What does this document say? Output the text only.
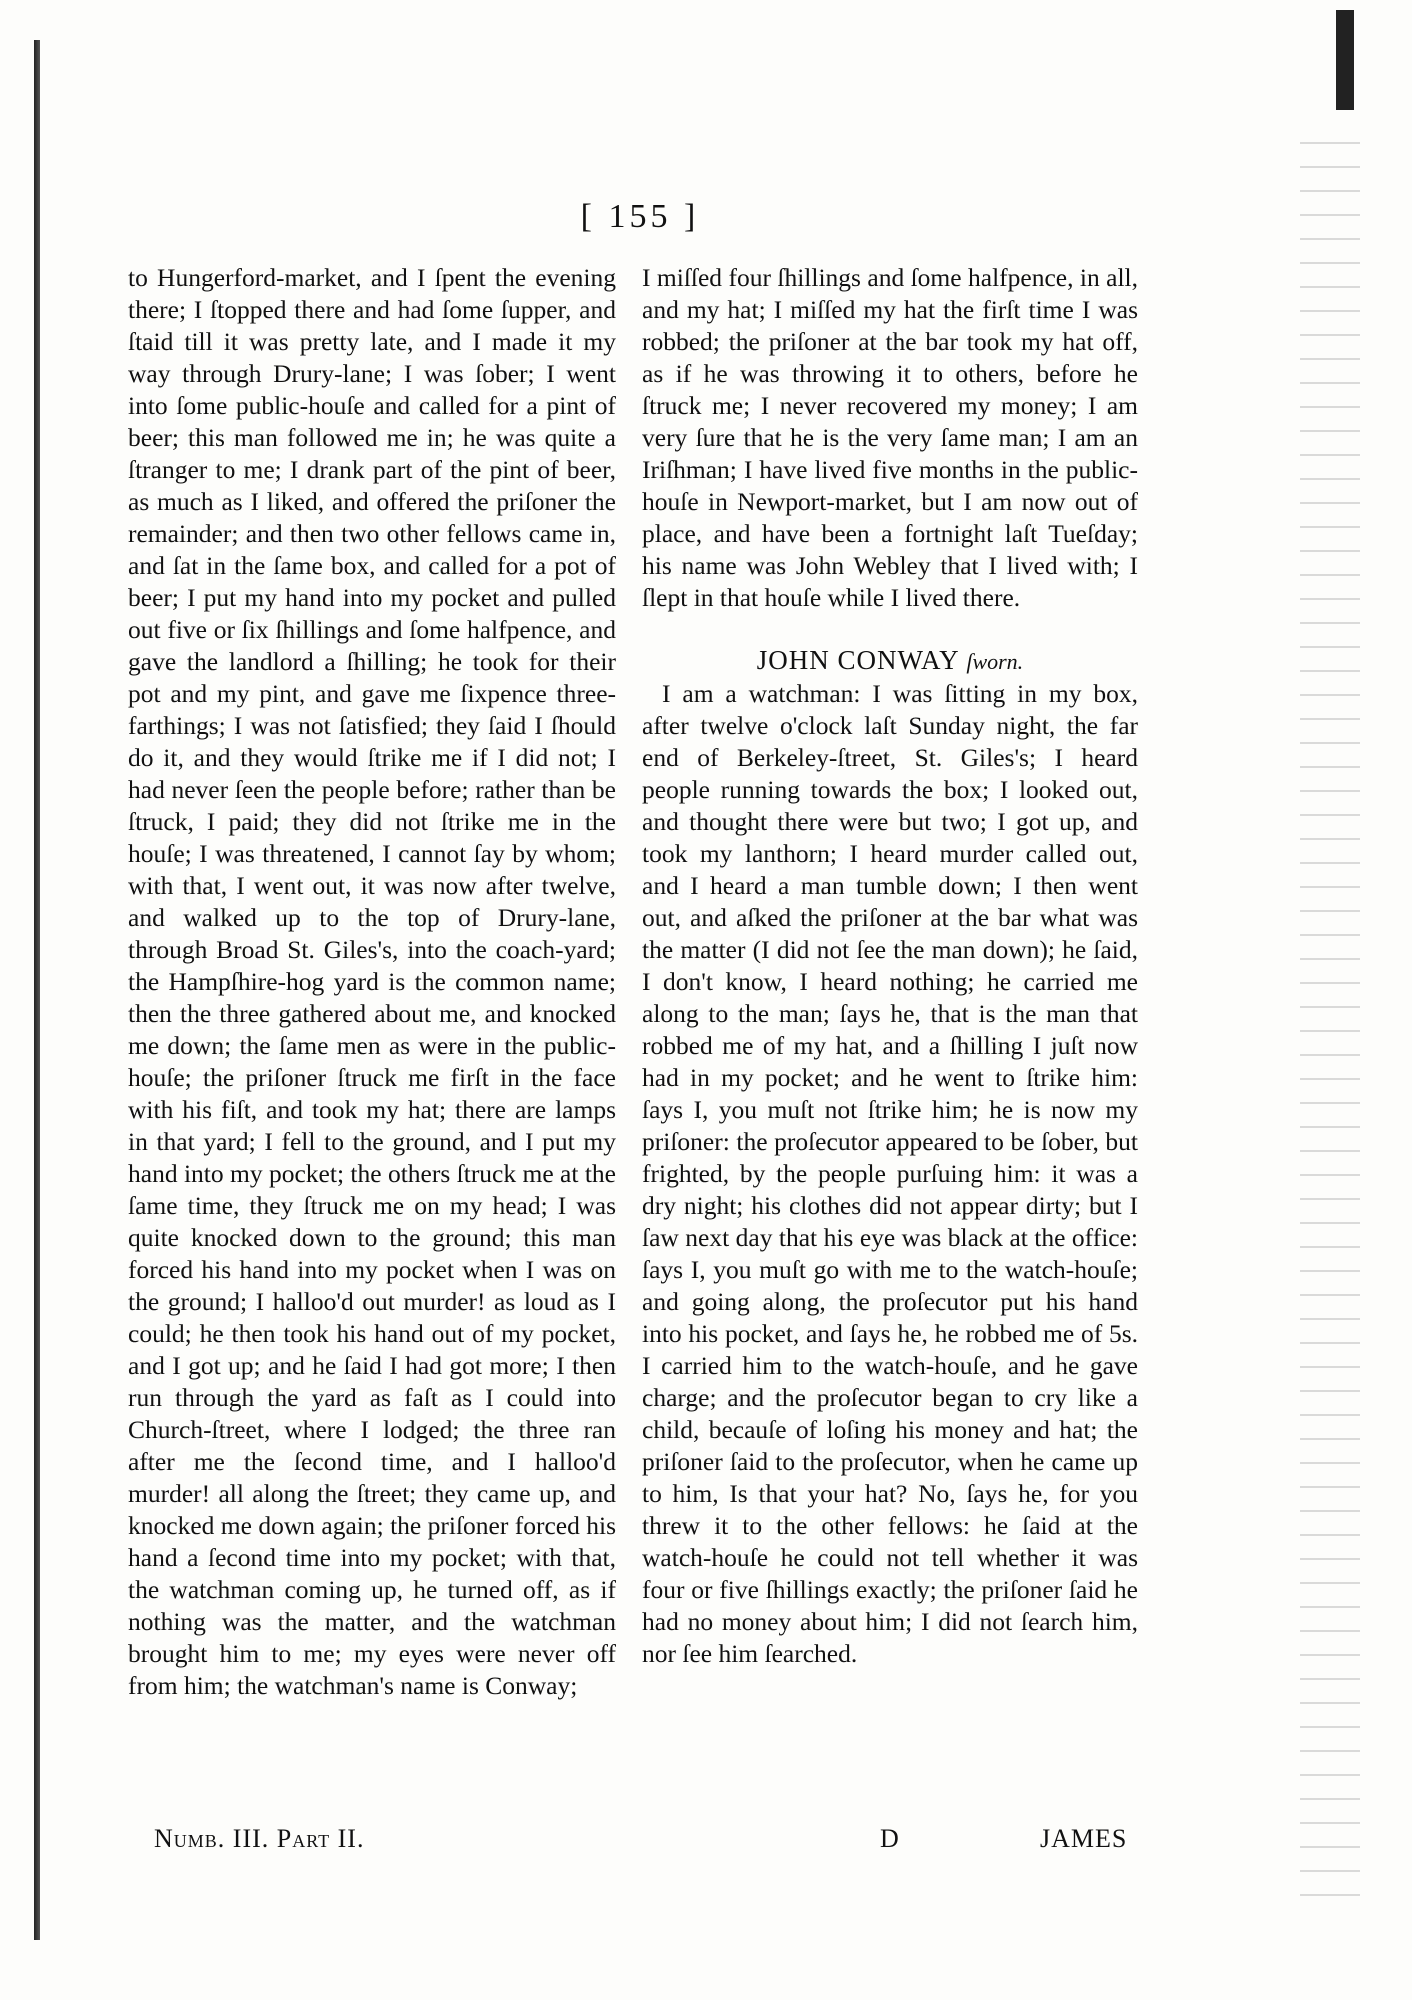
[ 155 ]

to Hungerford-market, and I ſpent the evening there; I ſtopped there and had ſome ſupper, and ſtaid till it was pretty late, and I made it my way through Drury-lane; I was ſober; I went into ſome public-houſe and called for a pint of beer; this man followed me in; he was quite a ſtranger to me; I drank part of the pint of beer, as much as I liked, and offered the priſoner the remainder; and then two other fellows came in, and ſat in the ſame box, and called for a pot of beer; I put my hand into my pocket and pulled out five or ſix ſhillings and ſome halfpence, and gave the landlord a ſhilling; he took for their pot and my pint, and gave me ſixpence three-farthings; I was not ſatisfied; they ſaid I ſhould do it, and they would ſtrike me if I did not; I had never ſeen the people before; rather than be ſtruck, I paid; they did not ſtrike me in the houſe; I was threatened, I cannot ſay by whom; with that, I went out, it was now after twelve, and walked up to the top of Drury-lane, through Broad St. Giles's, into the coach-yard; the Hampſhire-hog yard is the common name; then the three gathered about me, and knocked me down; the ſame men as were in the public-houſe; the priſoner ſtruck me firſt in the face with his fiſt, and took my hat; there are lamps in that yard; I fell to the ground, and I put my hand into my pocket; the others ſtruck me at the ſame time, they ſtruck me on my head; I was quite knocked down to the ground; this man forced his hand into my pocket when I was on the ground; I halloo'd out murder! as loud as I could; he then took his hand out of my pocket, and I got up; and he ſaid I had got more; I then run through the yard as faſt as I could into Church-ſtreet, where I lodged; the three ran after me the ſecond time, and I halloo'd murder! all along the ſtreet; they came up, and knocked me down again; the priſoner forced his hand a ſecond time into my pocket; with that, the watchman coming up, he turned off, as if nothing was the matter, and the watchman brought him to me; my eyes were never off from him; the watchman's name is Conway;

I miſſed four ſhillings and ſome halfpence, in all, and my hat; I miſſed my hat the firſt time I was robbed; the priſoner at the bar took my hat off, as if he was throwing it to others, before he ſtruck me; I never recovered my money; I am very ſure that he is the very ſame man; I am an Iriſhman; I have lived five months in the public-houſe in Newport-market, but I am now out of place, and have been a fortnight laſt Tueſday; his name was John Webley that I lived with; I ſlept in that houſe while I lived there.

JOHN CONWAY ſworn.

I am a watchman: I was ſitting in my box, after twelve o'clock laſt Sunday night, the far end of Berkeley-ſtreet, St. Giles's; I heard people running towards the box; I looked out, and thought there were but two; I got up, and took my lanthorn; I heard murder called out, and I heard a man tumble down; I then went out, and aſked the priſoner at the bar what was the matter (I did not ſee the man down); he ſaid, I don't know, I heard nothing; he carried me along to the man; ſays he, that is the man that robbed me of my hat, and a ſhilling I juſt now had in my pocket; and he went to ſtrike him: ſays I, you muſt not ſtrike him; he is now my priſoner: the proſecutor appeared to be ſober, but frighted, by the people purſuing him: it was a dry night; his clothes did not appear dirty; but I ſaw next day that his eye was black at the office: ſays I, you muſt go with me to the watch-houſe; and going along, the proſecutor put his hand into his pocket, and ſays he, he robbed me of 5s. I carried him to the watch-houſe, and he gave charge; and the proſecutor began to cry like a child, becauſe of loſing his money and hat; the priſoner ſaid to the proſecutor, when he came up to him, Is that your hat? No, ſays he, for you threw it to the other fellows: he ſaid at the watch-houſe he could not tell whether it was four or five ſhillings exactly; the priſoner ſaid he had no money about him; I did not ſearch him, nor ſee him ſearched.

Numb. III. Part II.	D	JAMES
